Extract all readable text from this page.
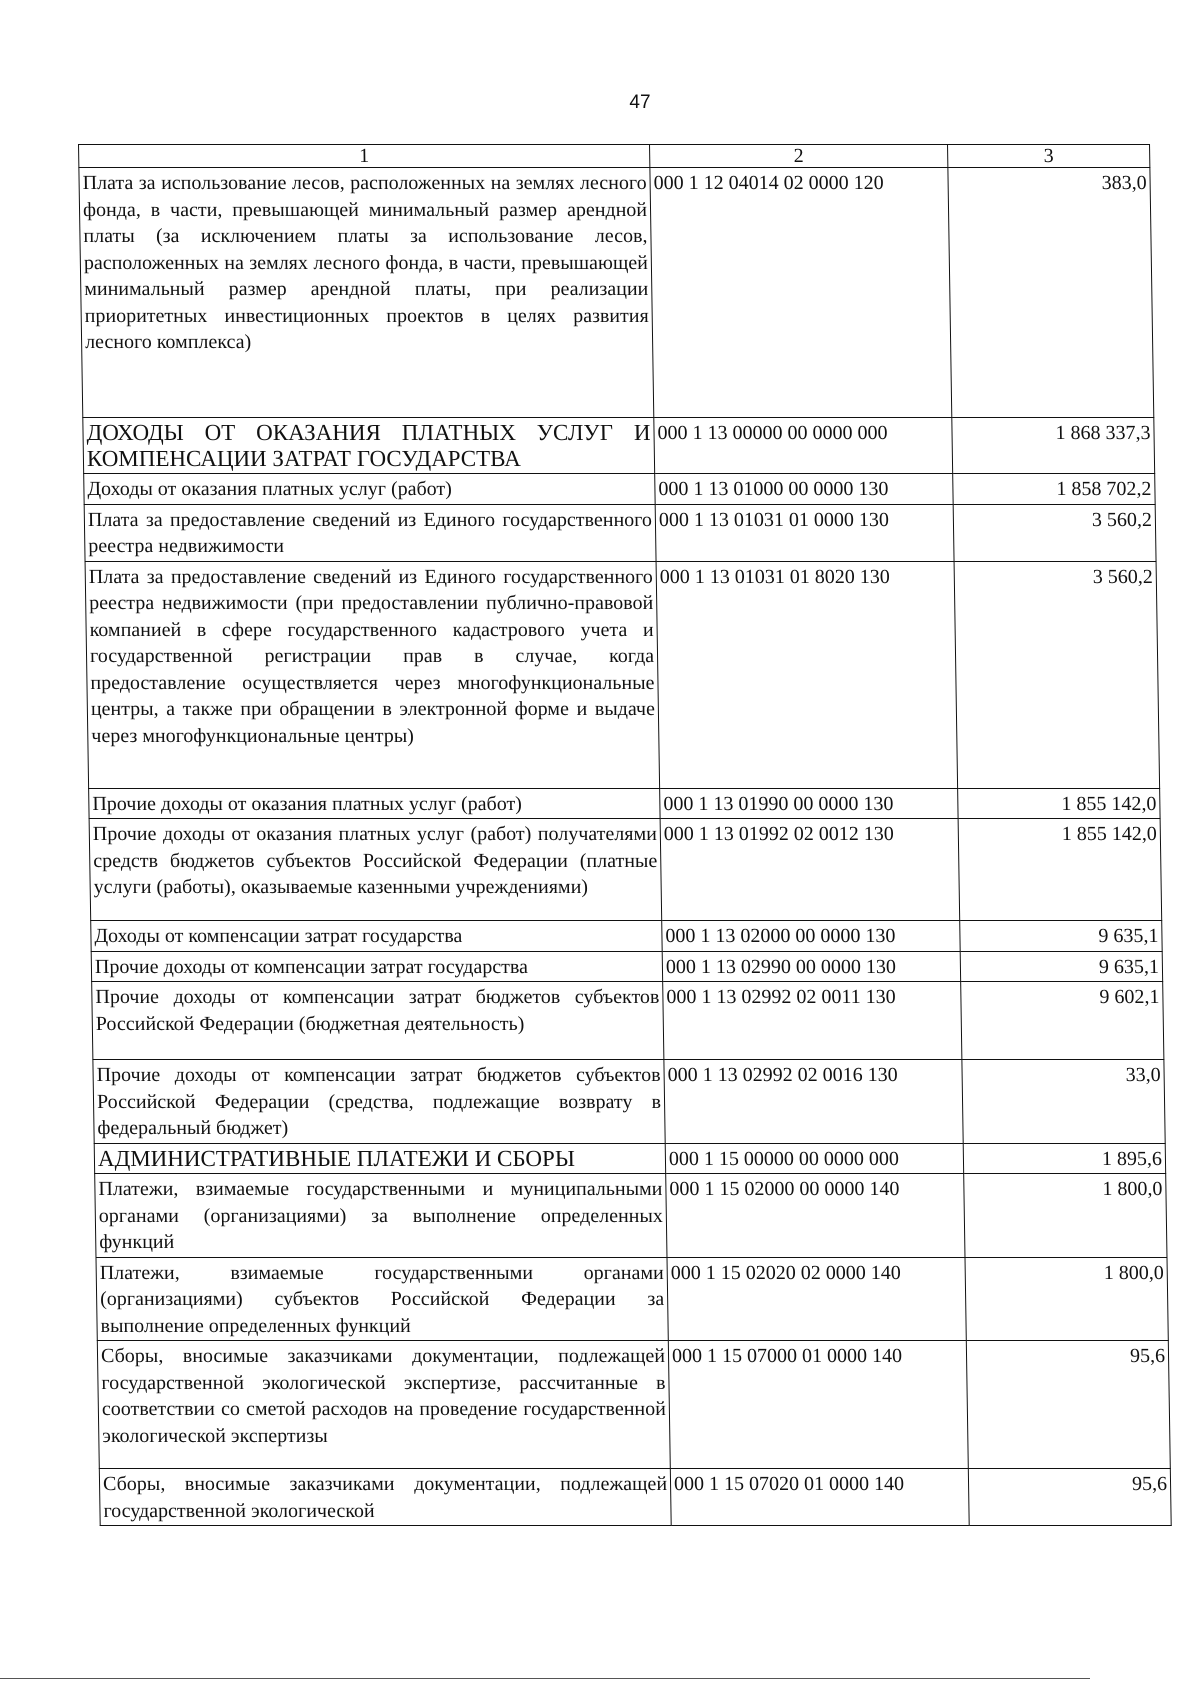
47
1	2	3
Плата за использование лесов, расположенных на землях лесного фонда, в части, превышающей минимальный размер арендной платы (за исключением платы за использование лесов, расположенных на землях лесного фонда, в части, превышающей минимальный размер арендной платы, при реализации приоритетных инвестиционных проектов в целях развития лесного комплекса)	000 1 12 04014 02 0000 120	383,0
ДОХОДЫ ОТ ОКАЗАНИЯ ПЛАТНЫХ УСЛУГ И КОМПЕНСАЦИИ ЗАТРАТ ГОСУДАРСТВА	000 1 13 00000 00 0000 000	1 868 337,3
Доходы от оказания платных услуг (работ)	000 1 13 01000 00 0000 130	1 858 702,2
Плата за предоставление сведений из Единого государственного реестра недвижимости	000 1 13 01031 01 0000 130	3 560,2
Плата за предоставление сведений из Единого государственного реестра недвижимости (при предоставлении публично-правовой компанией в сфере государственного кадастрового учета и государственной регистрации прав в случае, когда предоставление осуществляется через многофункциональные центры, а также при обращении в электронной форме и выдаче через многофункциональные центры)	000 1 13 01031 01 8020 130	3 560,2
Прочие доходы от оказания платных услуг (работ)	000 1 13 01990 00 0000 130	1 855 142,0
Прочие доходы от оказания платных услуг (работ) получателями средств бюджетов субъектов Российской Федерации (платные услуги (работы), оказываемые казенными учреждениями)	000 1 13 01992 02 0012 130	1 855 142,0
Доходы от компенсации затрат государства	000 1 13 02000 00 0000 130	9 635,1
Прочие доходы от компенсации затрат государства	000 1 13 02990 00 0000 130	9 635,1
Прочие доходы от компенсации затрат бюджетов субъектов Российской Федерации (бюджетная деятельность)	000 1 13 02992 02 0011 130	9 602,1
Прочие доходы от компенсации затрат бюджетов субъектов Российской Федерации (средства, подлежащие возврату в федеральный бюджет)	000 1 13 02992 02 0016 130	33,0
АДМИНИСТРАТИВНЫЕ ПЛАТЕЖИ И СБОРЫ	000 1 15 00000 00 0000 000	1 895,6
Платежи, взимаемые государственными и муниципальными органами (организациями) за выполнение определенных функций	000 1 15 02000 00 0000 140	1 800,0
Платежи, взимаемые государственными органами (организациями) субъектов Российской Федерации за выполнение определенных функций	000 1 15 02020 02 0000 140	1 800,0
Сборы, вносимые заказчиками документации, подлежащей государственной экологической экспертизе, рассчитанные в соответствии со сметой расходов на проведение государственной экологической экспертизы	000 1 15 07000 01 0000 140	95,6
Сборы, вносимые заказчиками документации, подлежащей государственной экологической	000 1 15 07020 01 0000 140	95,6
